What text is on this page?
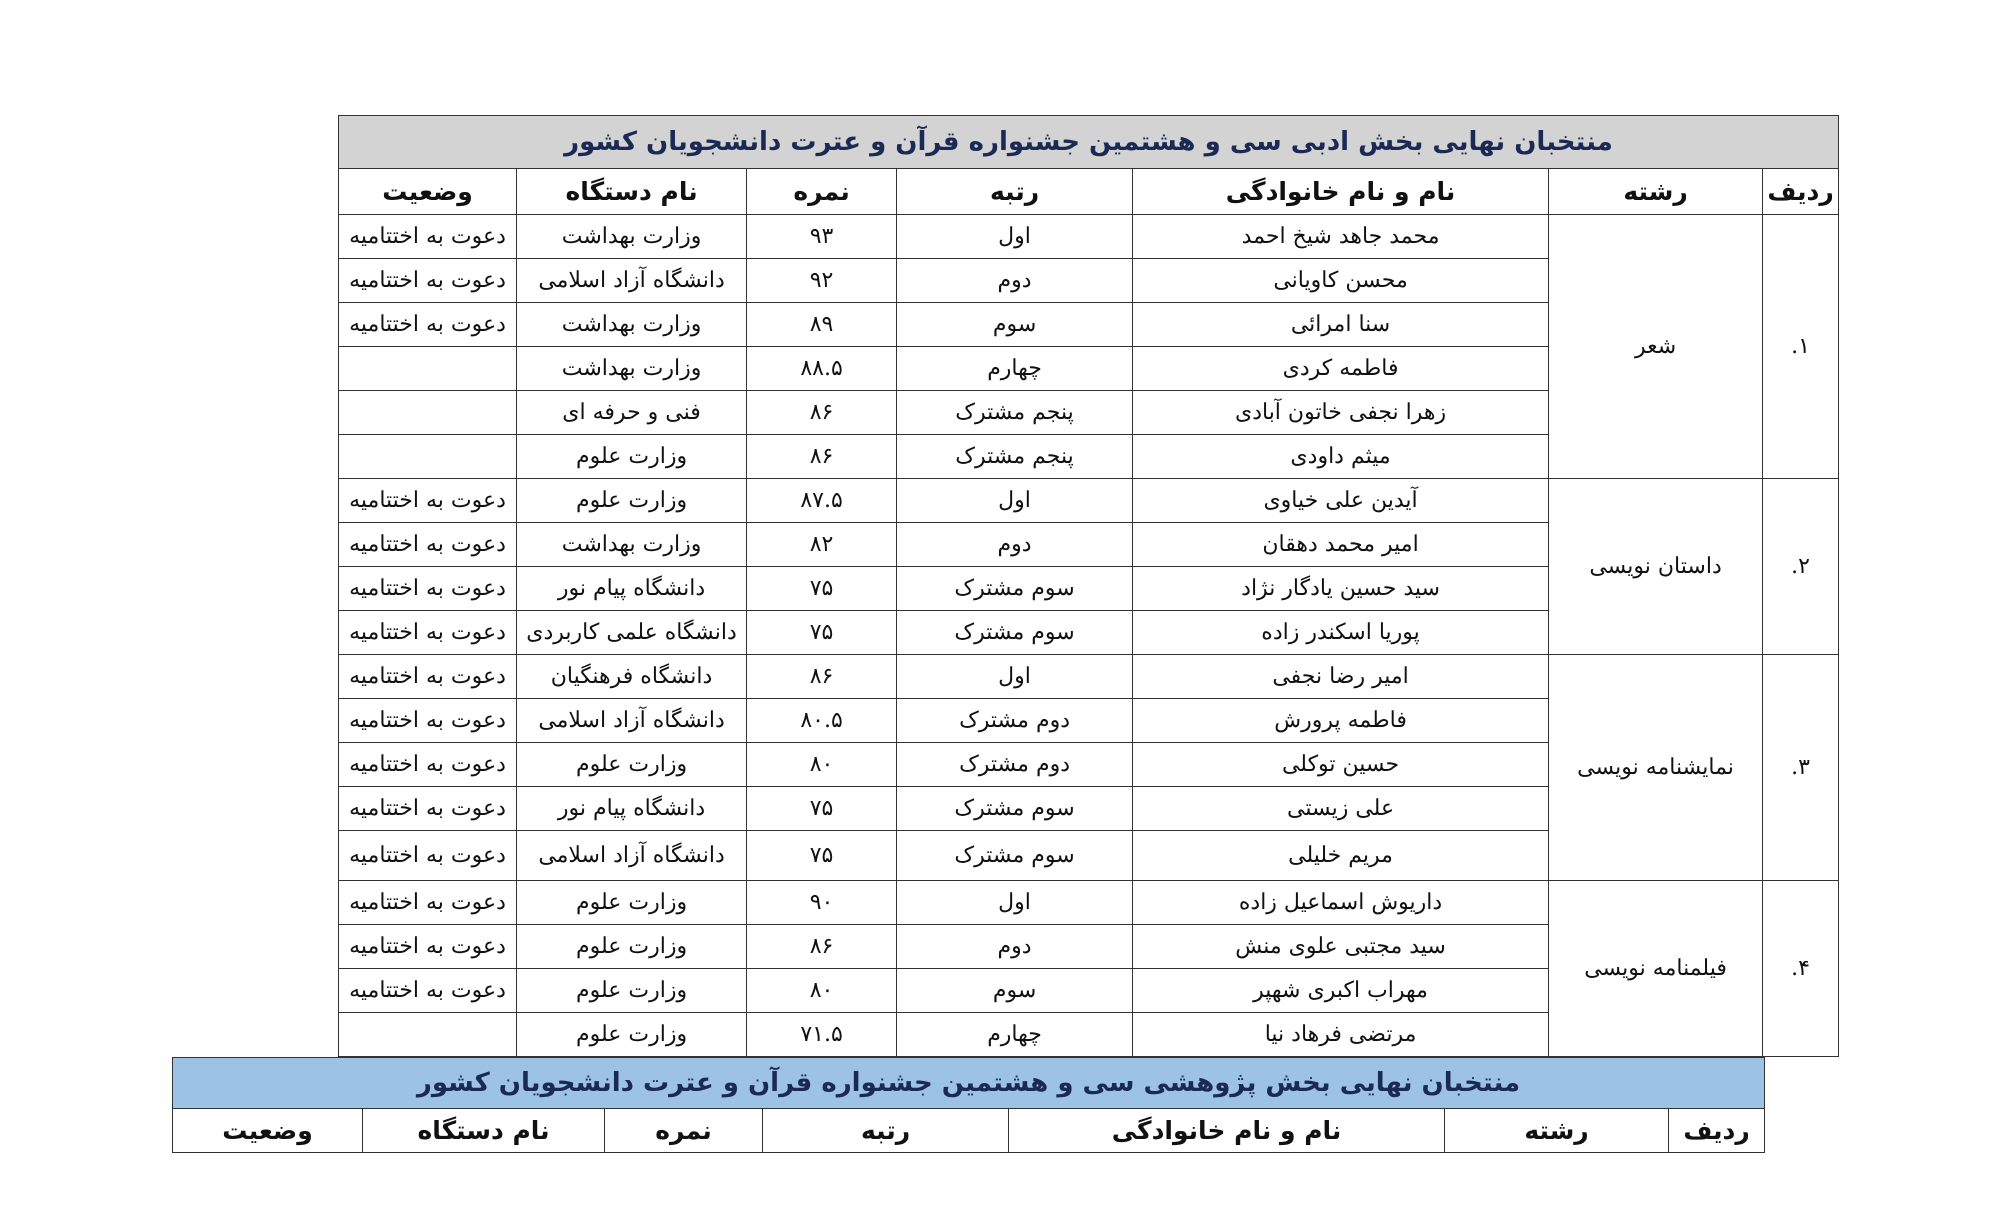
منتخبان نهایی بخش ادبی سی و هشتمین جشنواره قرآن و عترت دانشجویان کشور						
ردیف	رشته	نام و نام خانوادگی	رتبه	نمره	نام دستگاه	وضعیت
۱.	شعر	محمد جاهد شیخ احمد	اول	۹۳	وزارت بهداشت	دعوت به اختتامیه
		محسن کاویانی	دوم	۹۲	دانشگاه آزاد اسلامی	دعوت به اختتامیه
		سنا امرائی	سوم	۸۹	وزارت بهداشت	دعوت به اختتامیه
		فاطمه کردی	چهارم	۸۸.۵	وزارت بهداشت	
		زهرا نجفی خاتون آبادی	پنجم مشترک	۸۶	فنی و حرفه ای	
		میثم داودی	پنجم مشترک	۸۶	وزارت علوم	
۲.	داستان نویسی	آیدین علی خیاوی	اول	۸۷.۵	وزارت علوم	دعوت به اختتامیه
		امیر محمد دهقان	دوم	۸۲	وزارت بهداشت	دعوت به اختتامیه
		سید حسین یادگار نژاد	سوم مشترک	۷۵	دانشگاه پیام نور	دعوت به اختتامیه
		پوریا اسکندر زاده	سوم مشترک	۷۵	دانشگاه علمی کاربردی	دعوت به اختتامیه
۳.	نمایشنامه نویسی	امیر رضا نجفی	اول	۸۶	دانشگاه فرهنگیان	دعوت به اختتامیه
		فاطمه پرورش	دوم مشترک	۸۰.۵	دانشگاه آزاد اسلامی	دعوت به اختتامیه
		حسین توکلی	دوم مشترک	۸۰	وزارت علوم	دعوت به اختتامیه
		علی زیستی	سوم مشترک	۷۵	دانشگاه پیام نور	دعوت به اختتامیه
		مریم خلیلی	سوم مشترک	۷۵	دانشگاه آزاد اسلامی	دعوت به اختتامیه
۴.	فیلمنامه نویسی	داریوش اسماعیل زاده	اول	۹۰	وزارت علوم	دعوت به اختتامیه
		سید مجتبی علوی منش	دوم	۸۶	وزارت علوم	دعوت به اختتامیه
		مهراب اکبری شهپر	سوم	۸۰	وزارت علوم	دعوت به اختتامیه
		مرتضی فرهاد نیا	چهارم	۷۱.۵	وزارت علوم	
منتخبان نهایی بخش پژوهشی سی و هشتمین جشنواره قرآن و عترت دانشجویان کشور
ردیف	رشته	نام و نام خانوادگی	رتبه	نمره	نام دستگاه	وضعیت
